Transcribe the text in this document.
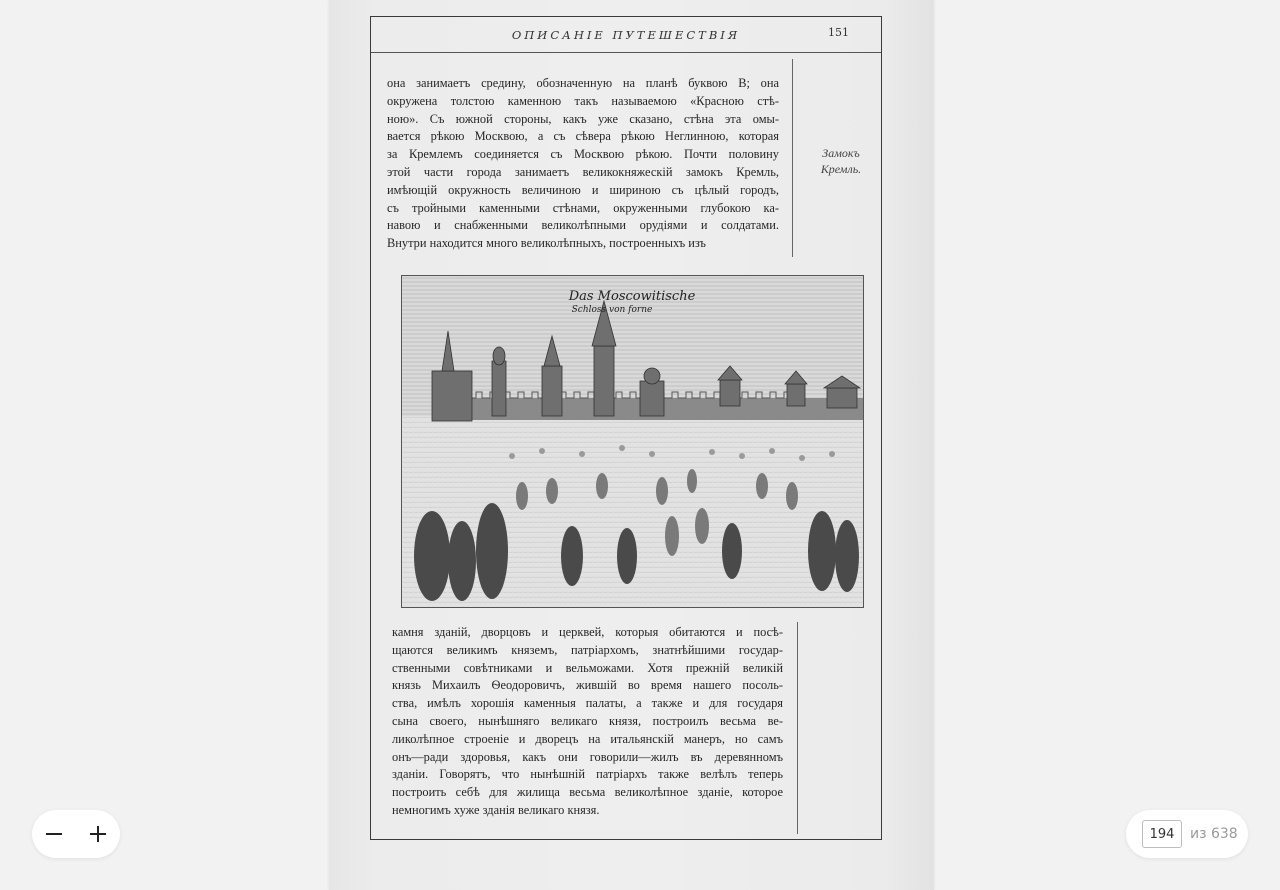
ОПИСАНІЕ ПУТЕШЕСТВІЯ	151
она занимаетъ средину, обозначенную на планѣ буквою В; она
окружена толстою каменною такъ называемою «Красною стѣ-
ною». Съ южной стороны, какъ уже сказано, стѣна эта омы-
вается рѣкою Москвою, а съ сѣвера рѣкою Неглинною, которая
за Кремлемъ соединяется съ Москвою рѣкою. Почти половину
этой части города занимаетъ великокняжескій замокъ Кремль,
имѣющій окружность величиною и шириною съ цѣлый городъ,
съ тройными каменными стѣнами, окруженными глубокою ка-
навою и снабженными великолѣпными орудіями и солдатами.
Внутри находится много великолѣпныхъ, построенныхъ изъ
Замокъ
Кремль.
Das Moscowitische
Schloss von forne
камня зданій, дворцовъ и церквей, которыя обитаются и посѣ-
щаются великимъ княземъ, патріархомъ, знатнѣйшими государ-
ственными совѣтниками и вельможами. Хотя прежній великій
князь Михаилъ Ѳеодоровичъ, жившій во время нашего посоль-
ства, имѣлъ хорошія каменныя палаты, а также и для государя
сына своего, нынѣшняго великаго князя, построилъ весьма ве-
ликолѣпное строеніе и дворецъ на итальянскій манеръ, но самъ
онъ—ради здоровья, какъ они говорили—жилъ въ деревянномъ
зданіи. Говорятъ, что нынѣшній патріархъ также велѣлъ теперь
построить себѣ для жилища весьма великолѣпное зданіе, которое
немногимъ хуже зданія великаго князя.
194
из 638
